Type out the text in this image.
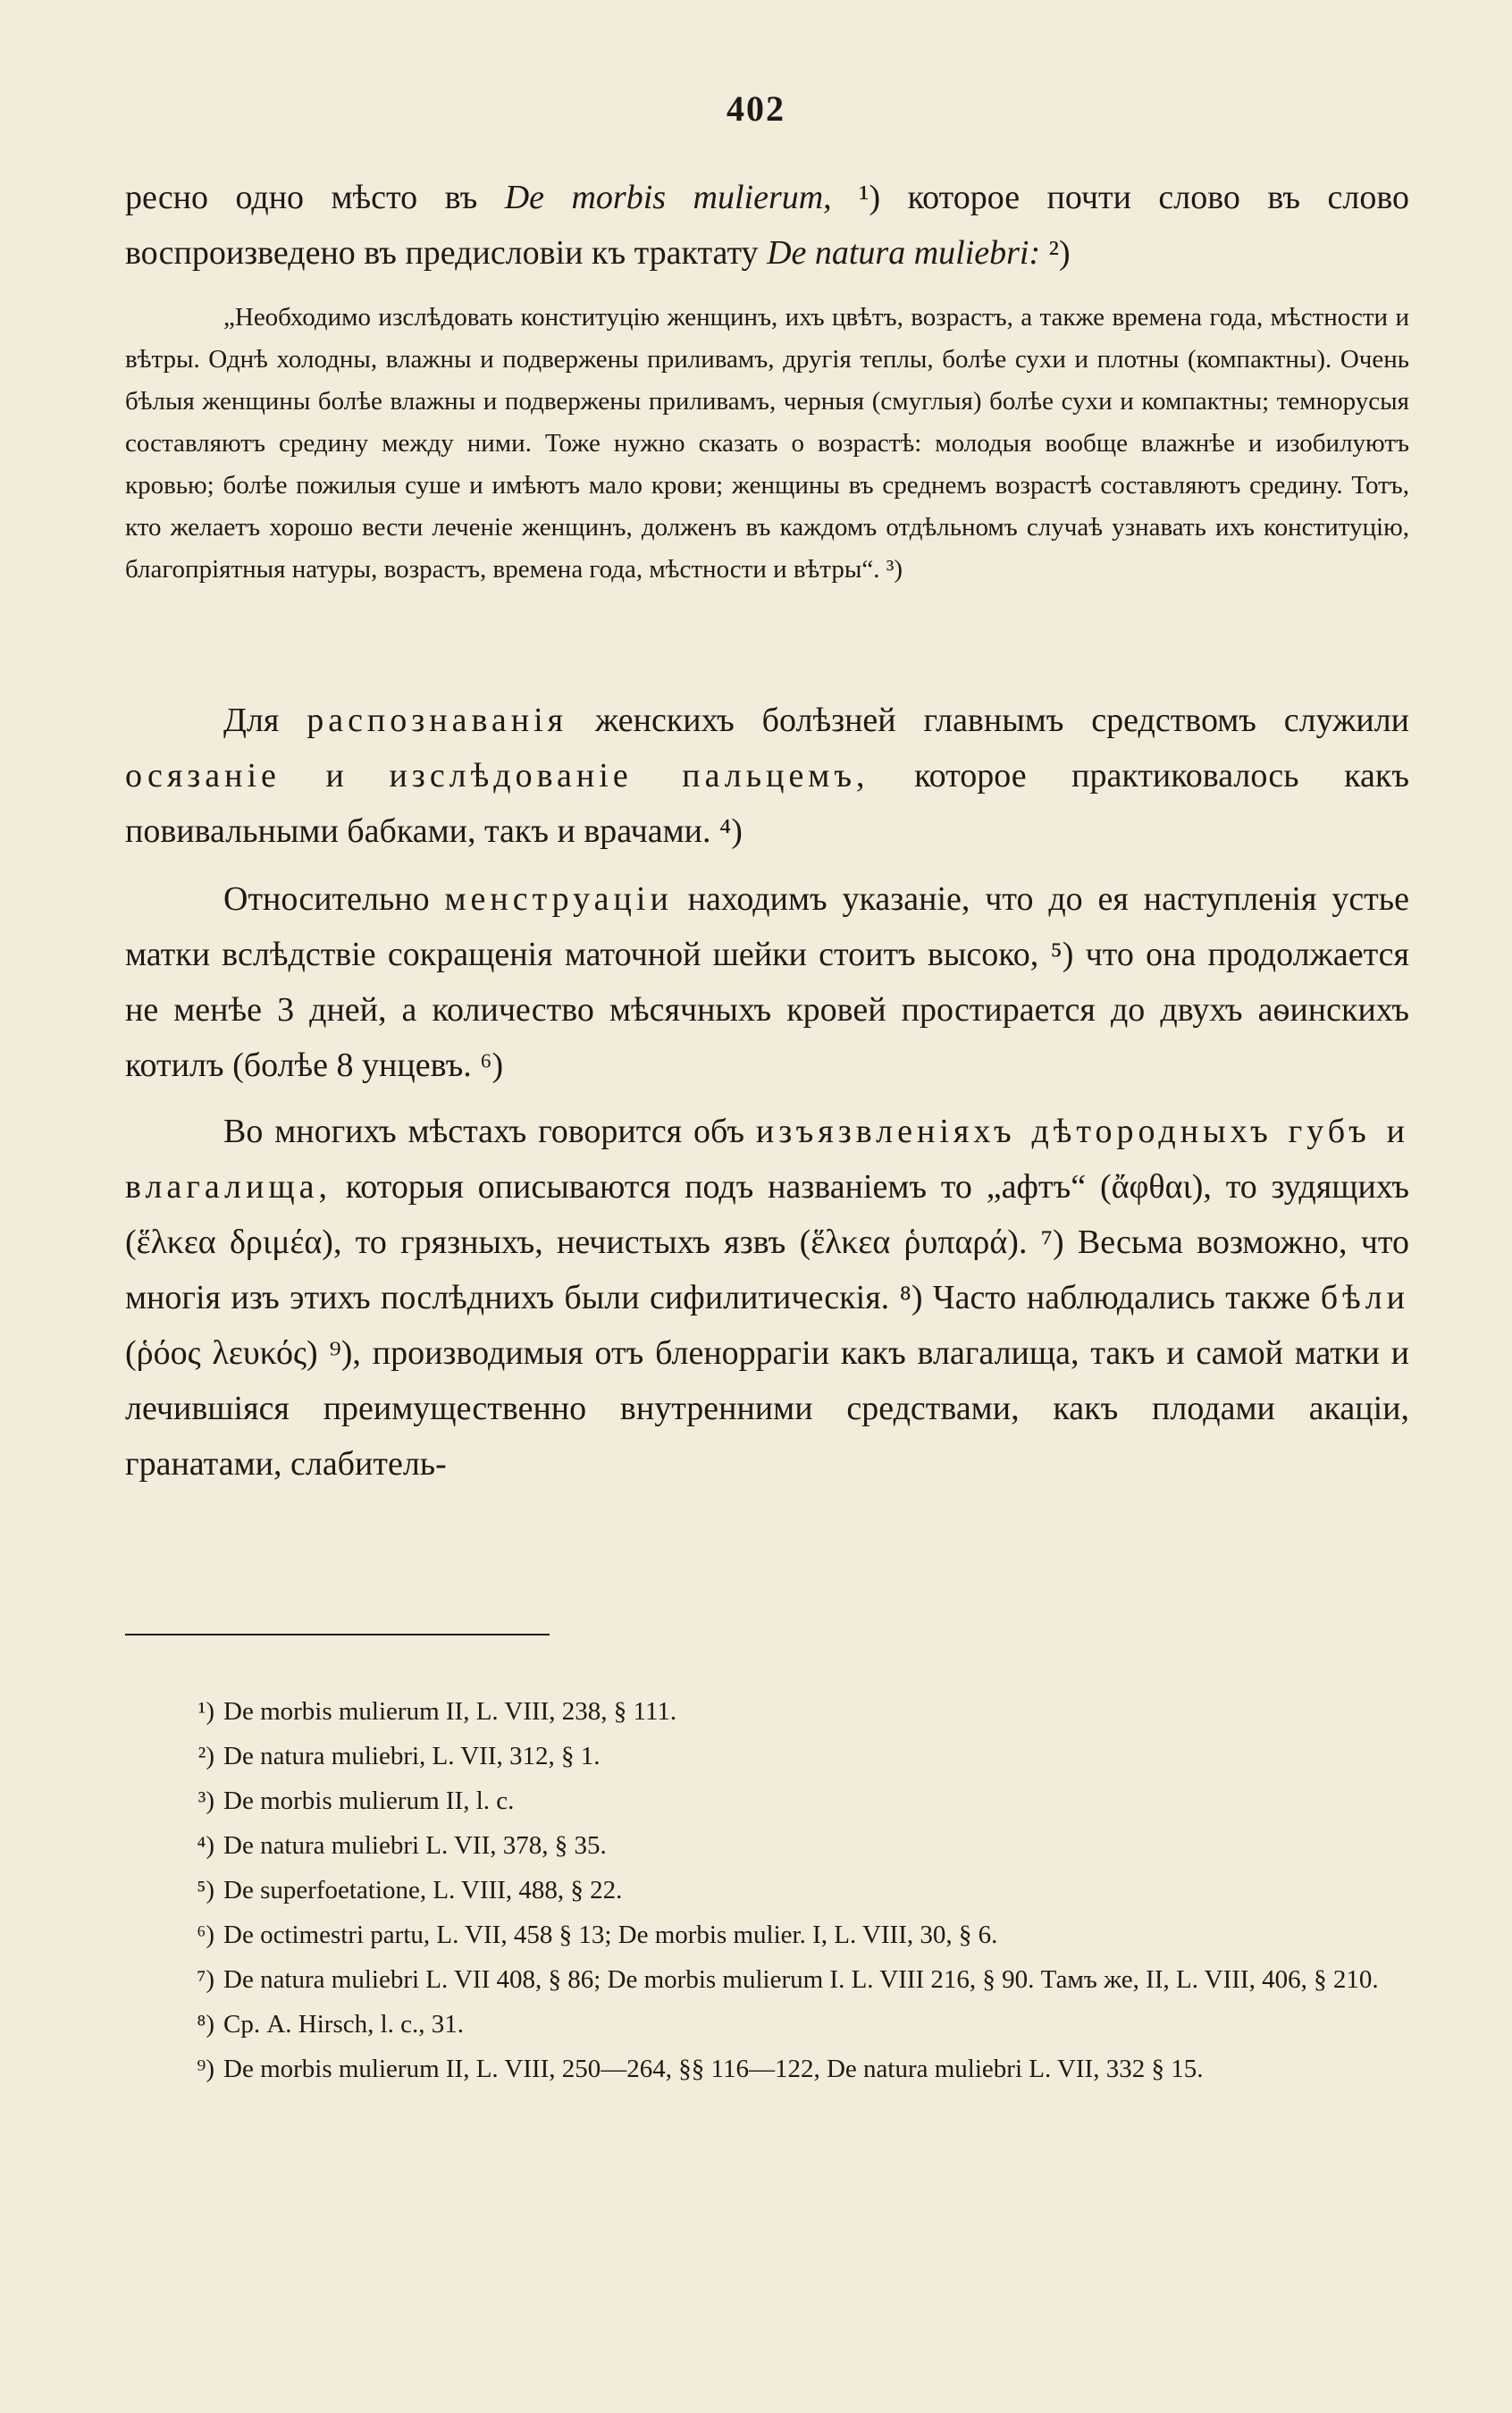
402

ресно одно мѣсто въ De morbis mulierum, ¹) которое почти слово въ слово воспроизведено въ предисловіи къ трактату De natura muliebri: ²)

„Необходимо изслѣдовать конституцію женщинъ, ихъ цвѣтъ, возрастъ, а также времена года, мѣстности и вѣтры. Однѣ холодны, влажны и подвержены приливамъ, другія теплы, болѣе сухи и плотны (компактны). Очень бѣлыя женщины болѣе влажны и подвержены приливамъ, черныя (смуглыя) болѣе сухи и компактны; темнорусыя составляютъ средину между ними. Тоже нужно сказать о возрастѣ: молодыя вообще влажнѣе и изобилуютъ кровью; болѣе пожилыя суше и имѣютъ мало крови; женщины въ среднемъ возрастѣ составляютъ средину. Тотъ, кто желаетъ хорошо вести леченіе женщинъ, долженъ въ каждомъ отдѣльномъ случаѣ узнавать ихъ конституцію, благопріятныя натуры, возрастъ, времена года, мѣстности и вѣтры“. ³)

Для распознаванія женскихъ болѣзней главнымъ средствомъ служили осязаніе и изслѣдованіе пальцемъ, которое практиковалось какъ повивальными бабками, такъ и врачами. ⁴)

Относительно менструаціи находимъ указаніе, что до ея наступленія устье матки вслѣдствіе сокращенія маточной шейки стоитъ высоко, ⁵) что она продолжается не менѣе 3 дней, а количество мѣсячныхъ кровей простирается до двухъ аѳинскихъ котилъ (болѣе 8 унцевъ. ⁶)

Во многихъ мѣстахъ говорится объ изъязвленіяхъ дѣтородныхъ губъ и влагалища, которыя описываются подъ названіемъ то „афтъ“ (ἄφθαι), то зудящихъ (ἕλκεα δριμέα), то грязныхъ, нечистыхъ язвъ (ἕλκεα ῥυπαρά). ⁷) Весьма возможно, что многія изъ этихъ послѣднихъ были сифилитическія. ⁸) Часто наблюдались также бѣли (ῥόος λευκός) ⁹), производимыя отъ бленоррагіи какъ влагалища, такъ и самой матки и лечившіяся преимущественно внутренними средствами, какъ плодами акаціи, гранатами, слабитель-

¹) De morbis mulierum II, L. VIII, 238, § 111.

²) De natura muliebri, L. VII, 312, § 1.

³) De morbis mulierum II, l. c.

⁴) De natura muliebri L. VII, 378, § 35.

⁵) De superfoetatione, L. VIII, 488, § 22.

⁶) De octimestri partu, L. VII, 458 § 13; De morbis mulier. I, L. VIII, 30, § 6.

⁷) De natura muliebri L. VII 408, § 86; De morbis mulierum I. L. VIII 216, § 90. Тамъ же, II, L. VIII, 406, § 210.

⁸) Ср. A. Hirsch, l. c., 31.

⁹) De morbis mulierum II, L. VIII, 250—264, §§ 116—122, De natura muliebri L. VII, 332 § 15.
